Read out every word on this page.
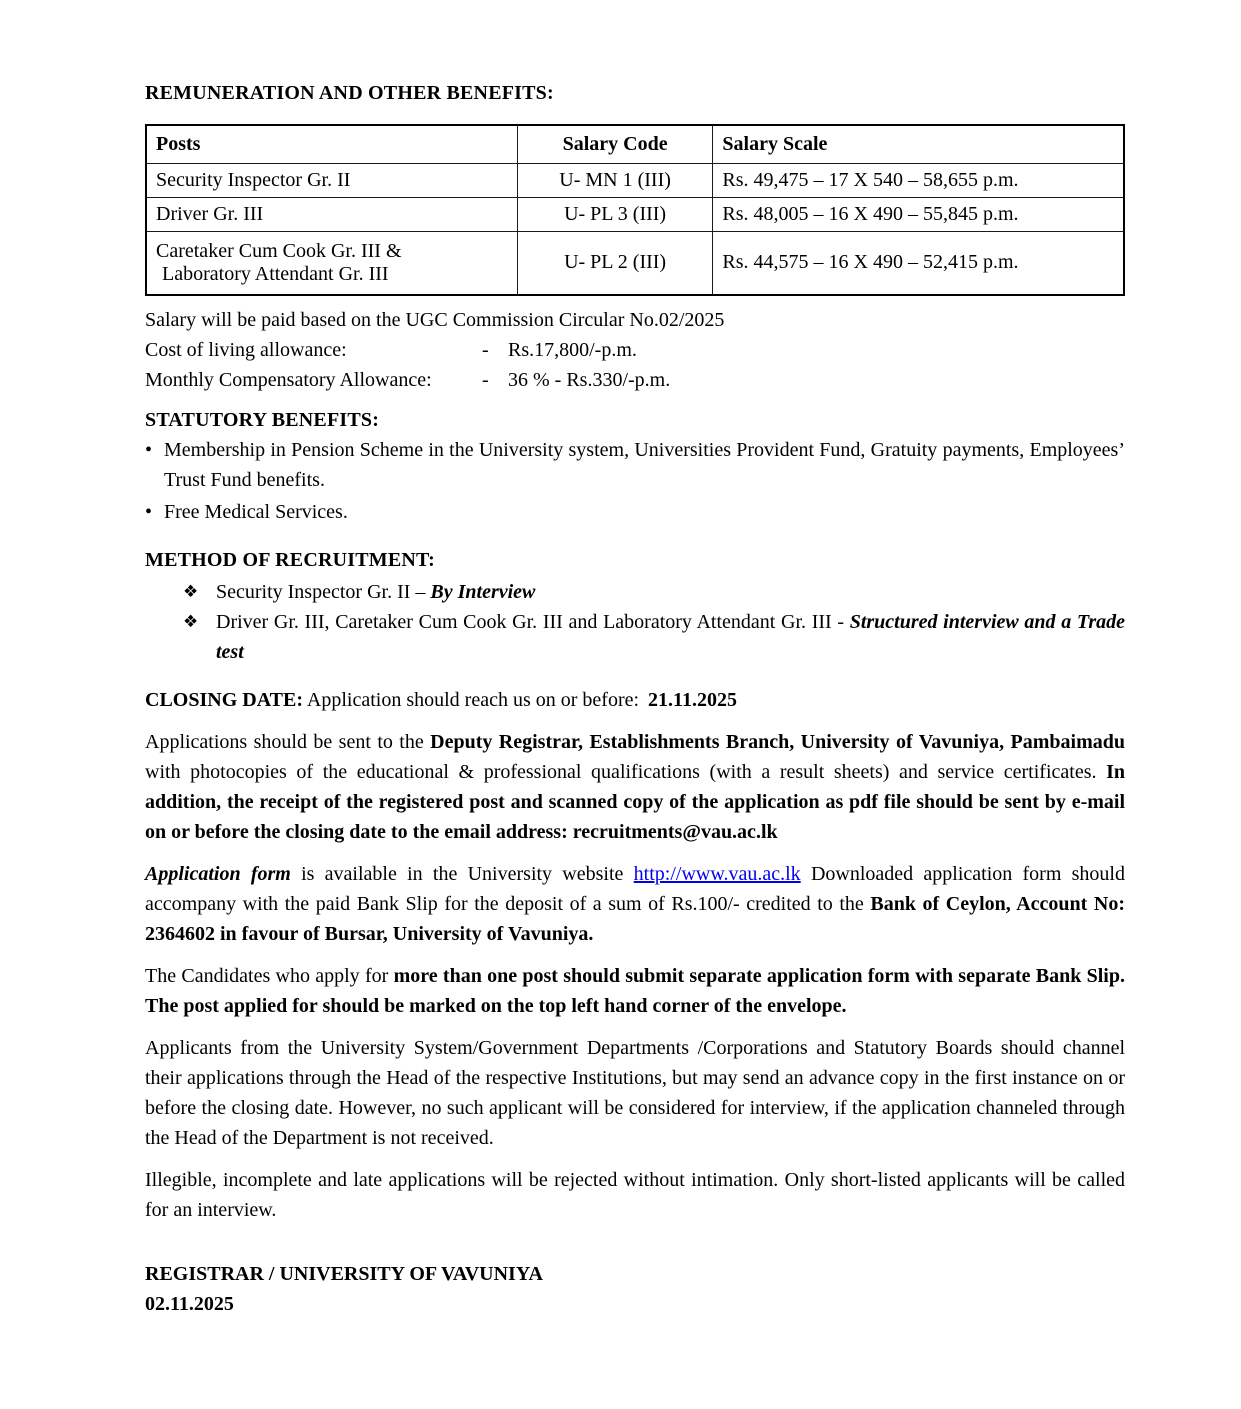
REMUNERATION AND OTHER BENEFITS:

Posts	Salary Code	Salary Scale
Security Inspector Gr. II	U- MN 1 (III)	Rs. 49,475 – 17 X 540 – 58,655 p.m.
Driver Gr. III	U- PL 3 (III)	Rs. 48,005 – 16 X 490 – 55,845 p.m.

Caretaker Cum Cook Gr. III &
Laboratory Attendant Gr. III	U- PL 2 (III)	Rs. 44,575 – 16 X 490 – 52,415 p.m.
Salary will be paid based on the UGC Commission Circular No.02/2025
Cost of living allowance:	- Rs.17,800/-p.m.
Monthly Compensatory Allowance:	- 36 % - Rs.330/-p.m.

STATUTORY BENEFITS:

• Membership in Pension Scheme in the University system, Universities Provident Fund, Gratuity payments, Employees’ Trust Fund benefits.
• Free Medical Services.

METHOD OF RECRUITMENT:

❖ Security Inspector Gr. II – By Interview
❖ Driver Gr. III, Caretaker Cum Cook Gr. III and Laboratory Attendant Gr. III - Structured interview and a Trade test

CLOSING DATE: Application should reach us on or before: 21.11.2025

Applications should be sent to the Deputy Registrar, Establishments Branch, University of Vavuniya, Pambaimadu with photocopies of the educational & professional qualifications (with a result sheets) and service certificates. In addition, the receipt of the registered post and scanned copy of the application as pdf file should be sent by e-mail on or before the closing date to the email address: recruitments@vau.ac.lk

Application form is available in the University website http://www.vau.ac.lk Downloaded application form should accompany with the paid Bank Slip for the deposit of a sum of Rs.100/- credited to the Bank of Ceylon, Account No: 2364602 in favour of Bursar, University of Vavuniya.

The Candidates who apply for more than one post should submit separate application form with separate Bank Slip. The post applied for should be marked on the top left hand corner of the envelope.

Applicants from the University System/Government Departments /Corporations and Statutory Boards should channel their applications through the Head of the respective Institutions, but may send an advance copy in the first instance on or before the closing date. However, no such applicant will be considered for interview, if the application channeled through the Head of the Department is not received.

Illegible, incomplete and late applications will be rejected without intimation. Only short-listed applicants will be called for an interview.

REGISTRAR / UNIVERSITY OF VAVUNIYA
02.11.2025
